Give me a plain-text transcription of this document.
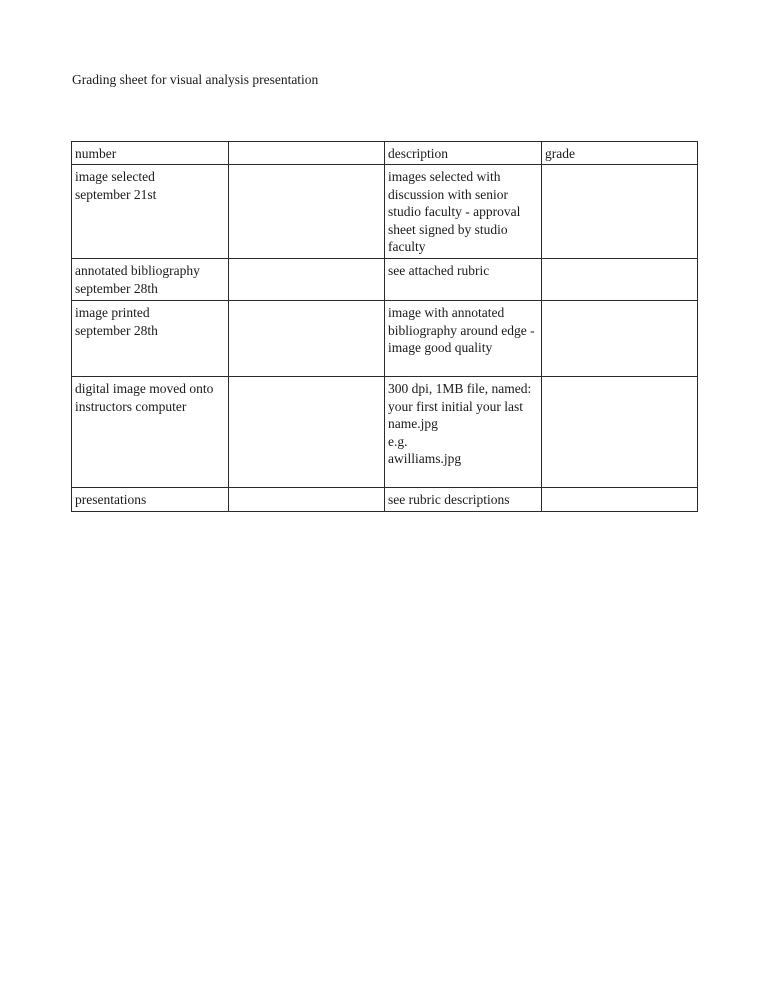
Grading sheet for visual analysis presentation
number		description	grade
image selected
september 21st		images selected with discussion with senior studio faculty - approval sheet signed by studio faculty	
annotated bibliography
september 28th		see attached rubric	
image printed
september 28th		image with annotated bibliography around edge - image good quality	
digital image moved onto instructors computer		300 dpi, 1MB file, named:
your first initial your last name.jpg
e.g.
awilliams.jpg	
presentations		see rubric descriptions	
